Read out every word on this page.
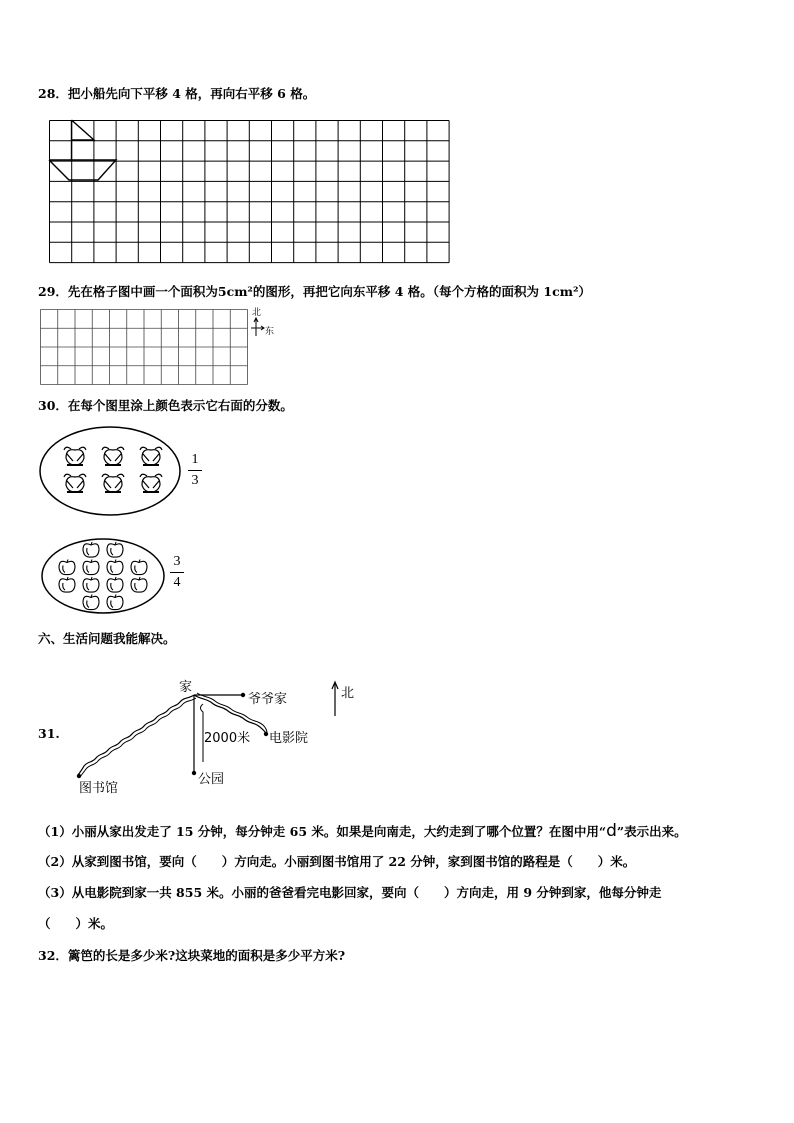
28．把小船先向下平移 4 格，再向右平移 6 格。
29．先在格子图中画一个面积为5cm²的图形，再把它向东平移 4 格。（每个方格的面积为 1cm²）
北
东
30．在每个图里涂上颜色表示它右面的分数。
1
3
3
4
六、生活问题我能解决。
31.
家
爷爷家
2000米 电影院
公园
图书馆
北
（1）小丽从家出发走了 15 分钟，每分钟走 65 米。如果是向南走，大约走到了哪个位置？在图中用“d”表示出来。
（2）从家到图书馆，要向（　　）方向走。小丽到图书馆用了 22 分钟，家到图书馆的路程是（　　）米。
（3）从电影院到家一共 855 米。小丽的爸爸看完电影回家，要向（　　）方向走，用 9 分钟到家，他每分钟走
（　　）米。
32．篱笆的长是多少米?这块菜地的面积是多少平方米?
